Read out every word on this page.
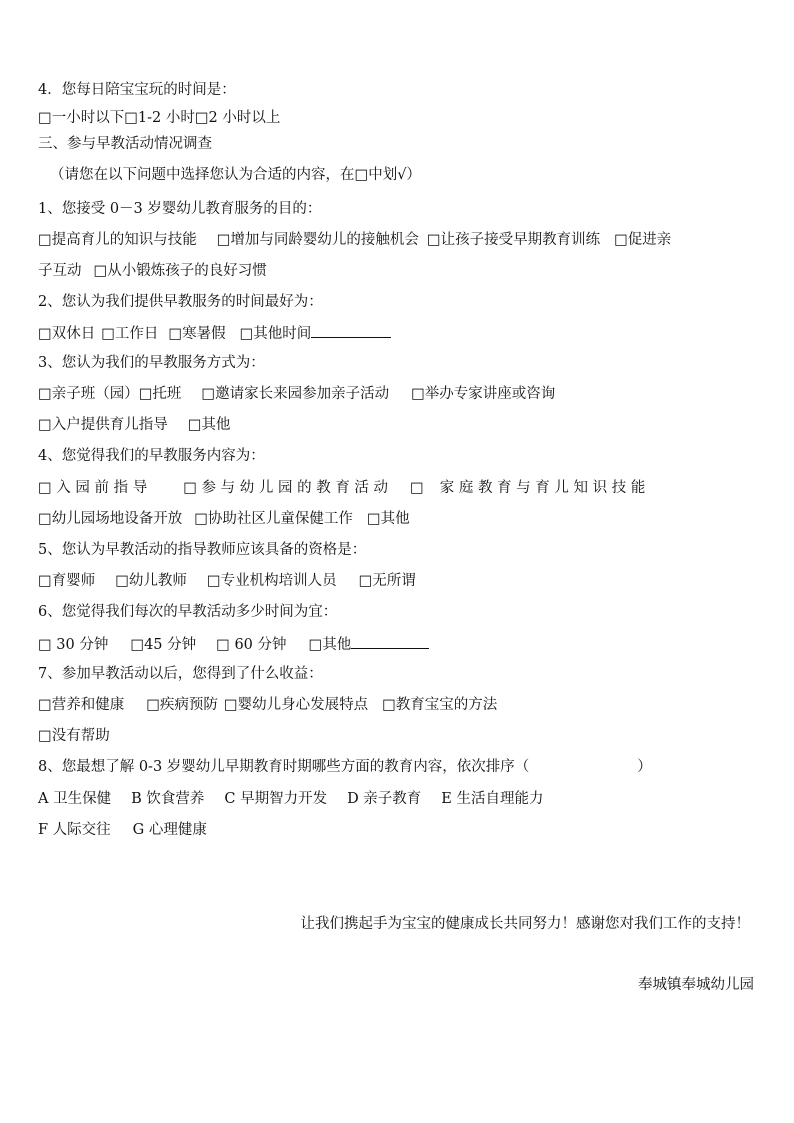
4．您每日陪宝宝玩的时间是：
□一小时以下□1-2 小时□2 小时以上
三、参与早教活动情况调查
（请您在以下问题中选择您认为合适的内容，在□中划√）
1、您接受 0－3 岁婴幼儿教育服务的目的：
□提高育儿的知识与技能 □增加与同龄婴幼儿的接触机会 □让孩子接受早期教育训练 □促进亲
子互动 □从小锻炼孩子的良好习惯
2、您认为我们提供早教服务的时间最好为：
□双休日 □工作日 □寒暑假 □其他时间
3、您认为我们的早教服务方式为：
□亲子班（园）□托班 □邀请家长来园参加亲子活动 □举办专家讲座或咨询
□入户提供育儿指导 □其他
4、您觉得我们的早教服务内容为：
□ 入 园 前 指 导 □ 参 与 幼 儿 园 的 教 育 活 动 □ 家 庭 教 育 与 育 儿 知 识 技 能
□幼儿园场地设备开放 □协助社区儿童保健工作 □其他
5、您认为早教活动的指导教师应该具备的资格是：
□育婴师 □幼儿教师 □专业机构培训人员 □无所谓
6、您觉得我们每次的早教活动多少时间为宜：
□ 30 分钟 □45 分钟 □ 60 分钟 □其他
7、参加早教活动以后，您得到了什么收益：
□营养和健康 □疾病预防 □婴幼儿身心发展特点 □教育宝宝的方法
□没有帮助
8、您最想了解 0-3 岁婴幼儿早期教育时期哪些方面的教育内容，依次排序（	）
A 卫生保健 B 饮食营养 C 早期智力开发 D 亲子教育 E 生活自理能力
F 人际交往 G 心理健康
让我们携起手为宝宝的健康成长共同努力！感谢您对我们工作的支持！
奉城镇奉城幼儿园
